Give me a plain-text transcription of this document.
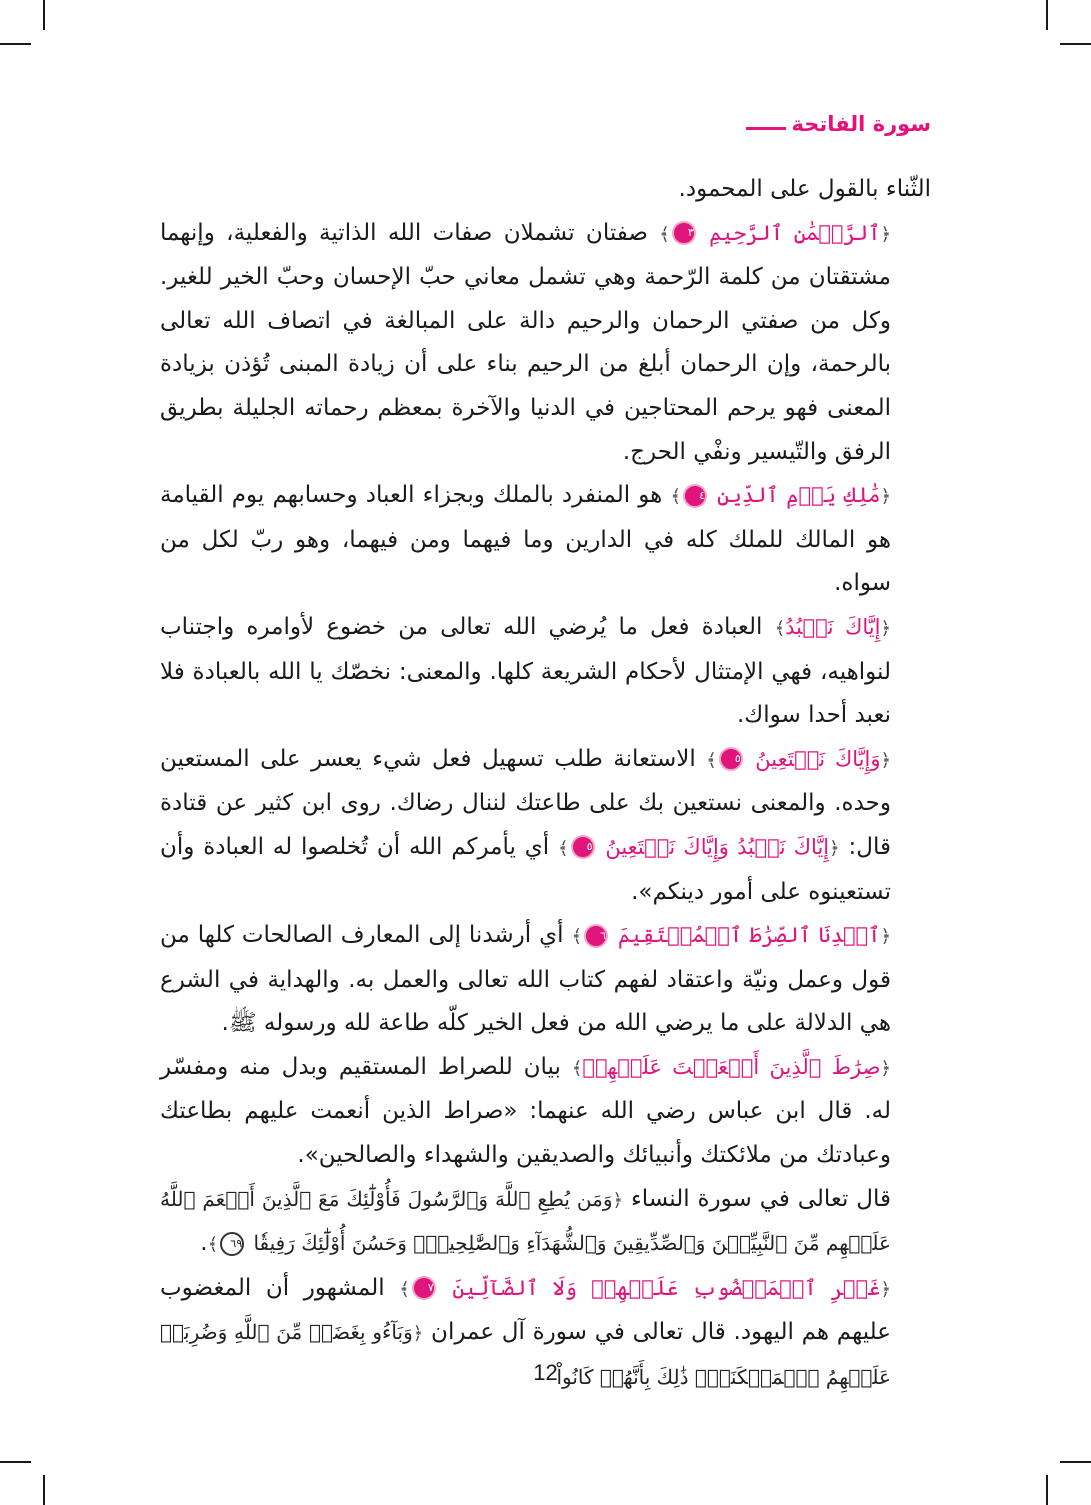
سورة الفاتحة

الثّناء بالقول على المحمود.

﴿ٱلرَّحۡمَٰنِ ٱلرَّحِيمِ ٣﴾ صفتان تشملان صفات الله الذاتية والفعلية، وإنهما مشتقتان من كلمة الرّحمة وهي تشمل معاني حبّ الإحسان وحبّ الخير للغير. وكل من صفتي الرحمان والرحيم دالة على المبالغة في اتصاف الله تعالى بالرحمة، وإن الرحمان أبلغ من الرحيم بناء على أن زيادة المبنى تُؤذن بزيادة المعنى فهو يرحم المحتاجين في الدنيا والآخرة بمعظم رحماته الجليلة بطريق الرفق والتّيسير ونفْي الحرج.

﴿مَٰلِكِ يَوۡمِ ٱلدِّينِ ٤﴾ هو المنفرد بالملك وبجزاء العباد وحسابهم يوم القيامة هو المالك للملك كله في الدارين وما فيهما ومن فيهما، وهو ربّ لكل من سواه.

﴿إِيَّاكَ نَعۡبُدُ﴾ العبادة فعل ما يُرضي الله تعالى من خضوع لأوامره واجتناب لنواهيه، فهي الإمتثال لأحكام الشريعة كلها. والمعنى: نخصّك يا الله بالعبادة فلا نعبد أحدا سواك.

﴿وَإِيَّاكَ نَسۡتَعِينُ ٥﴾ الاستعانة طلب تسهيل فعل شيء يعسر على المستعين وحده. والمعنى نستعين بك على طاعتك لننال رضاك. روى ابن كثير عن قتادة قال: ﴿إِيَّاكَ نَعۡبُدُ وَإِيَّاكَ نَسۡتَعِينُ ٥﴾ أي يأمركم الله أن تُخلصوا له العبادة وأن تستعينوه على أمور دينكم».

﴿ٱهۡدِنَا ٱلصِّرَٰطَ ٱلۡمُسۡتَقِيمَ ٦﴾ أي أرشدنا إلى المعارف الصالحات كلها من قول وعمل ونيّة واعتقاد لفهم كتاب الله تعالى والعمل به. والهداية في الشرع هي الدلالة على ما يرضي الله من فعل الخير كلّه طاعة لله ورسوله ﷺ.

﴿صِرَٰطَ ٱلَّذِينَ أَنۡعَمۡتَ عَلَيۡهِمۡ﴾ بيان للصراط المستقيم وبدل منه ومفسّر له. قال ابن عباس رضي الله عنهما: «صراط الذين أنعمت عليهم بطاعتك وعبادتك من ملائكتك وأنبيائك والصديقين والشهداء والصالحين».

قال تعالى في سورة النساء ﴿وَمَن يُطِعِ ٱللَّهَ وَٱلرَّسُولَ فَأُوْلَٰٓئِكَ مَعَ ٱلَّذِينَ أَنۡعَمَ ٱللَّهُ عَلَيۡهِم مِّنَ ٱلنَّبِيِّـۧنَ وَٱلصِّدِّيقِينَ وَٱلشُّهَدَآءِ وَٱلصَّٰلِحِينَۚ وَحَسُنَ أُوْلَٰٓئِكَ رَفِيقٗا ٦٩﴾.

﴿غَيۡرِ ٱلۡمَغۡضُوبِ عَلَيۡهِمۡ وَلَا ٱلضَّآلِّينَ ٧﴾ المشهور أن المغضوب عليهم هم اليهود. قال تعالى في سورة آل عمران ﴿وَبَآءُو بِغَضَبٖ مِّنَ ٱللَّهِ وَضُرِبَتۡ عَلَيۡهِمُ ٱلۡمَسۡكَنَةُۚ ذَٰلِكَ بِأَنَّهُمۡ كَانُواْ

12
